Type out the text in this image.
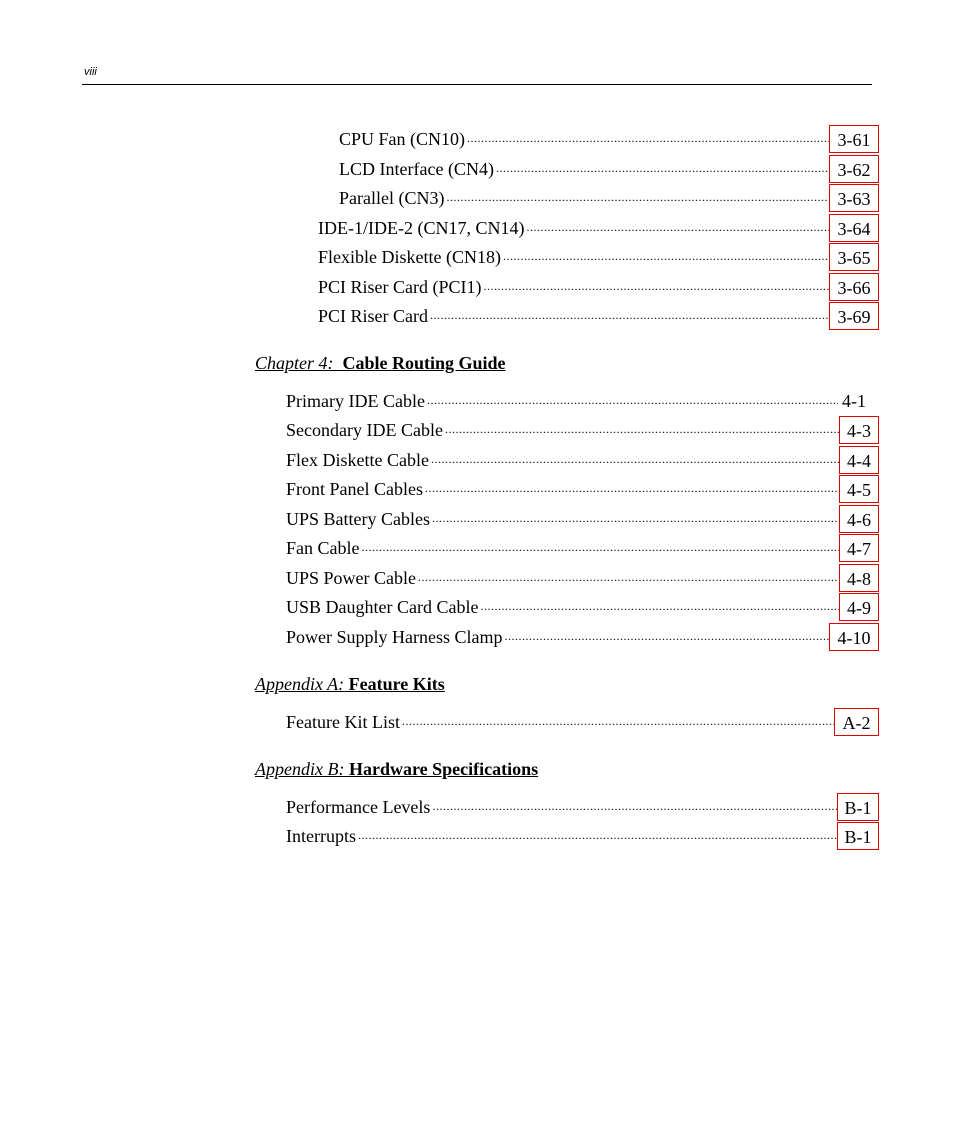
viii
CPU Fan (CN10) .....	3-61
LCD Interface (CN4) .....	3-62
Parallel (CN3) .....	3-63
IDE-1/IDE-2 (CN17, CN14) .....	3-64
Flexible Diskette (CN18) .....	3-65
PCI Riser Card (PCI1) .....	3-66
PCI Riser Card .....	3-69
Chapter 4: Cable Routing Guide
Primary IDE Cable .....	4-1
Secondary IDE Cable .....	4-3
Flex Diskette Cable .....	4-4
Front Panel Cables .....	4-5
UPS Battery Cables .....	4-6
Fan Cable .....	4-7
UPS Power Cable .....	4-8
USB Daughter Card Cable .....	4-9
Power Supply Harness Clamp .....	4-10
Appendix A: Feature Kits
Feature Kit List .....	A-2
Appendix B: Hardware Specifications
Performance Levels .....	B-1
Interrupts .....	B-1
